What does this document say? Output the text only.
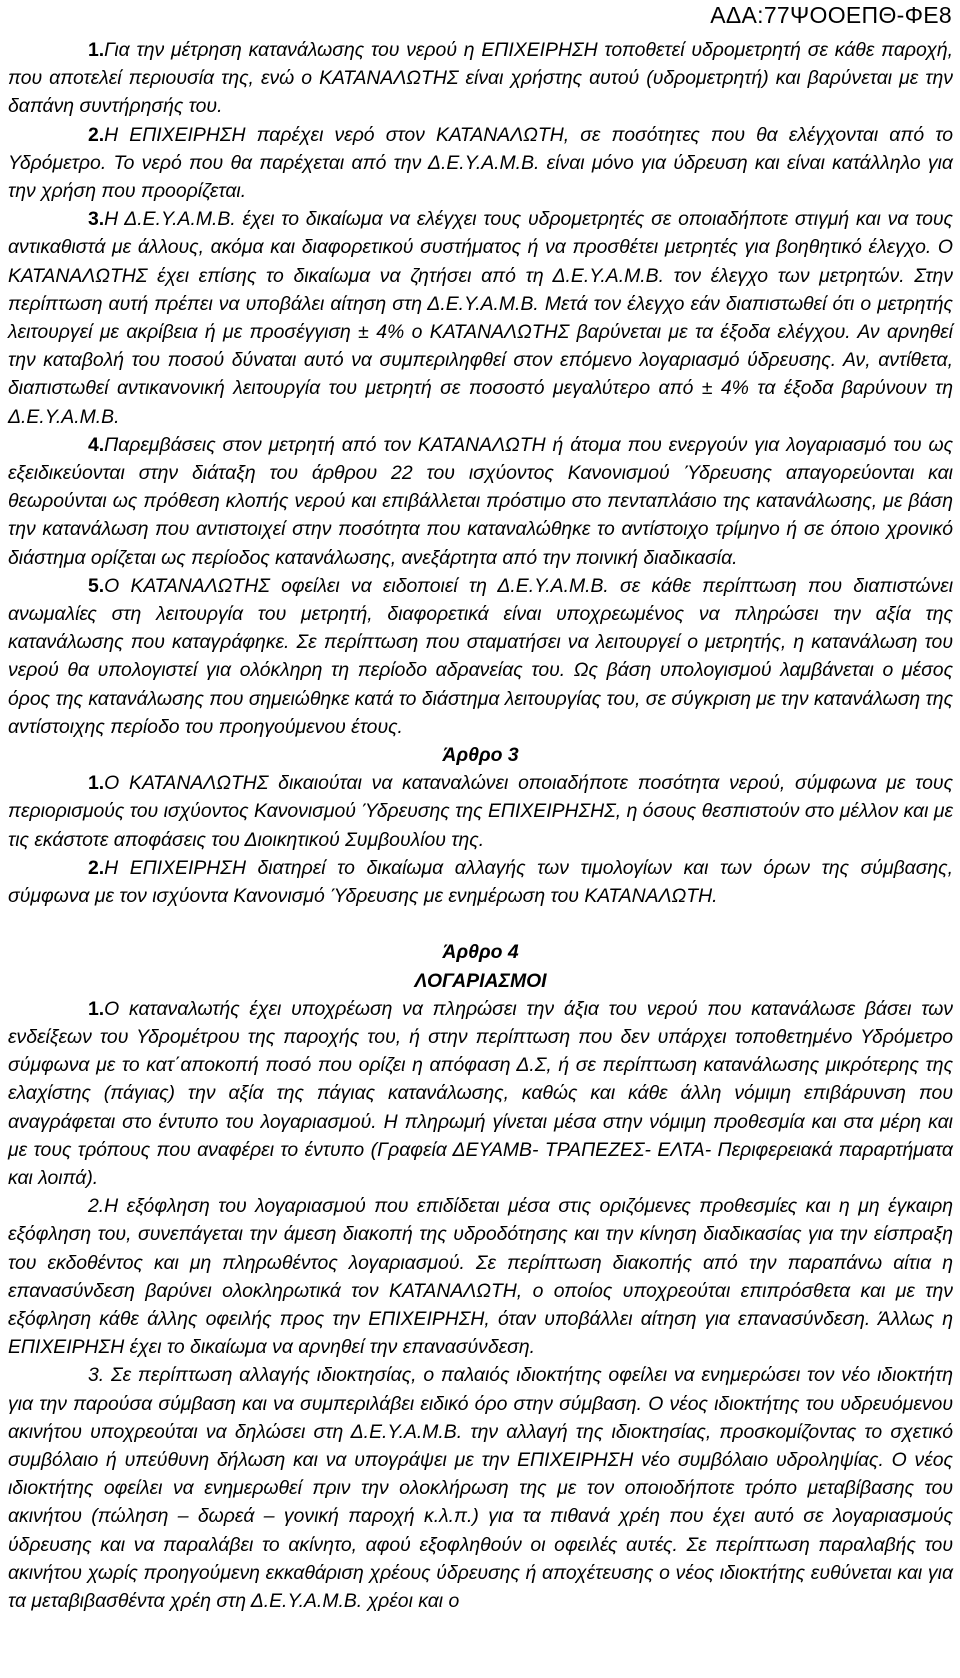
ΑΔΑ:77ΨΟΟΕΠΘ-ΦΕ8

1.Για την μέτρηση κατανάλωσης του νερού η ΕΠΙΧΕΙΡΗΣΗ τοποθετεί υδρομετρητή σε κάθε παροχή, που αποτελεί περιουσία της, ενώ ο ΚΑΤΑΝΑΛΩΤΗΣ είναι χρήστης αυτού (υδρομετρητή) και βαρύνεται με την δαπάνη συντήρησής του.

2.Η ΕΠΙΧΕΙΡΗΣΗ παρέχει νερό στον ΚΑΤΑΝΑΛΩΤΗ, σε ποσότητες που θα ελέγχονται από το Υδρόμετρο. Το νερό που θα παρέχεται από την Δ.Ε.Υ.Α.Μ.Β. είναι μόνο για ύδρευση και είναι κατάλληλο για την χρήση που προορίζεται.

3.Η Δ.Ε.Υ.Α.Μ.Β. έχει το δικαίωμα να ελέγχει τους υδρομετρητές σε οποιαδήποτε στιγμή και να τους αντικαθιστά με άλλους, ακόμα και διαφορετικού συστήματος ή να προσθέτει μετρητές για βοηθητικό έλεγχο. Ο ΚΑΤΑΝΑΛΩΤΗΣ έχει επίσης το δικαίωμα να ζητήσει από τη Δ.Ε.Υ.Α.Μ.Β. τον έλεγχο των μετρητών. Στην περίπτωση αυτή πρέπει να υποβάλει αίτηση στη Δ.Ε.Υ.Α.Μ.Β. Μετά τον έλεγχο εάν διαπιστωθεί ότι ο μετρητής λειτουργεί με ακρίβεια ή με προσέγγιση ± 4% ο ΚΑΤΑΝΑΛΩΤΗΣ βαρύνεται με τα έξοδα ελέγχου. Αν αρνηθεί την καταβολή του ποσού δύναται αυτό να συμπεριληφθεί στον επόμενο λογαριασμό ύδρευσης. Αν, αντίθετα, διαπιστωθεί αντικανονική λειτουργία του μετρητή σε ποσοστό μεγαλύτερο από ± 4% τα έξοδα βαρύνουν τη Δ.Ε.Υ.Α.Μ.Β.

4.Παρεμβάσεις στον μετρητή από τον ΚΑΤΑΝΑΛΩΤΗ ή άτομα που ενεργούν για λογαριασμό του ως εξειδικεύονται στην διάταξη του άρθρου 22 του ισχύοντος Κανονισμού Ύδρευσης απαγορεύονται και θεωρούνται ως πρόθεση κλοπής νερού και επιβάλλεται πρόστιμο στο πενταπλάσιο της κατανάλωσης, με βάση την κατανάλωση που αντιστοιχεί στην ποσότητα που καταναλώθηκε το αντίστοιχο τρίμηνο ή σε όποιο χρονικό διάστημα ορίζεται ως περίοδος κατανάλωσης, ανεξάρτητα από την ποινική διαδικασία.

5.Ο ΚΑΤΑΝΑΛΩΤΗΣ οφείλει να ειδοποιεί τη Δ.Ε.Υ.Α.Μ.Β. σε κάθε περίπτωση που διαπιστώνει ανωμαλίες στη λειτουργία του μετρητή, διαφορετικά είναι υποχρεωμένος να πληρώσει την αξία της κατανάλωσης που καταγράφηκε. Σε περίπτωση που σταματήσει να λειτουργεί ο μετρητής, η κατανάλωση του νερού θα υπολογιστεί για ολόκληρη τη περίοδο αδρανείας του. Ως βάση υπολογισμού λαμβάνεται ο μέσος όρος της κατανάλωσης που σημειώθηκε κατά το διάστημα λειτουργίας του, σε σύγκριση με την κατανάλωση της αντίστοιχης περίοδο του προηγούμενου έτους.

Άρθρο 3

1.Ο ΚΑΤΑΝΑΛΩΤΗΣ δικαιούται να καταναλώνει οποιαδήποτε ποσότητα νερού, σύμφωνα με τους περιορισμούς του ισχύοντος Κανονισμού Ύδρευσης της ΕΠΙΧΕΙΡΗΣΗΣ, η όσους θεσπιστούν στο μέλλον και με τις εκάστοτε αποφάσεις του Διοικητικού Συμβουλίου της.

2.Η ΕΠΙΧΕΙΡΗΣΗ διατηρεί το δικαίωμα αλλαγής των τιμολογίων και των όρων της σύμβασης, σύμφωνα με τον ισχύοντα Κανονισμό Ύδρευσης με ενημέρωση του ΚΑΤΑΝΑΛΩΤΗ.

Άρθρο 4
ΛΟΓΑΡΙΑΣΜΟΙ

1.Ο καταναλωτής έχει υποχρέωση να πληρώσει την άξια του νερού που κατανάλωσε βάσει των ενδείξεων του Υδρομέτρου της παροχής του, ή στην περίπτωση που δεν υπάρχει τοποθετημένο Υδρόμετρο σύμφωνα με το κατ΄αποκοπή ποσό που ορίζει η απόφαση Δ.Σ, ή σε περίπτωση κατανάλωσης μικρότερης της ελαχίστης (πάγιας) την αξία της πάγιας κατανάλωσης, καθώς και κάθε άλλη νόμιμη επιβάρυνση που αναγράφεται στο έντυπο του λογαριασμού. Η πληρωμή γίνεται μέσα στην νόμιμη προθεσμία και στα μέρη και με τους τρόπους που αναφέρει το έντυπο (Γραφεία ΔΕΥΑΜΒ- ΤΡΑΠΕΖΕΣ- ΕΛΤΑ- Περιφερειακά παραρτήματα και λοιπά).

2.Η εξόφληση του λογαριασμού που επιδίδεται μέσα στις οριζόμενες προθεσμίες και η μη έγκαιρη εξόφληση του, συνεπάγεται την άμεση διακοπή της υδροδότησης και την κίνηση διαδικασίας για την είσπραξη του εκδοθέντος και μη πληρωθέντος λογαριασμού. Σε περίπτωση διακοπής από την παραπάνω αίτια η επανασύνδεση βαρύνει ολοκληρωτικά τον ΚΑΤΑΝΑΛΩΤΗ, ο οποίος υποχρεούται επιπρόσθετα και με την εξόφληση κάθε άλλης οφειλής προς την ΕΠΙΧΕΙΡΗΣΗ, όταν υποβάλλει αίτηση για επανασύνδεση. Άλλως η ΕΠΙΧΕΙΡΗΣΗ έχει το δικαίωμα να αρνηθεί την επανασύνδεση.

3. Σε περίπτωση αλλαγής ιδιοκτησίας, ο παλαιός ιδιοκτήτης οφείλει να ενημερώσει τον νέο ιδιοκτήτη για την παρούσα σύμβαση και να συμπεριλάβει ειδικό όρο στην σύμβαση. Ο νέος ιδιοκτήτης του υδρευόμενου ακινήτου υποχρεούται να δηλώσει στη Δ.Ε.Υ.Α.Μ.Β. την αλλαγή της ιδιοκτησίας, προσκομίζοντας το σχετικό συμβόλαιο ή υπεύθυνη δήλωση και να υπογράψει με την ΕΠΙΧΕΙΡΗΣΗ νέο συμβόλαιο υδροληψίας. Ο νέος ιδιοκτήτης οφείλει να ενημερωθεί πριν την ολοκλήρωση της με τον οποιοδήποτε τρόπο μεταβίβασης του ακινήτου (πώληση – δωρεά – γονική παροχή κ.λ.π.) για τα πιθανά χρέη που έχει αυτό σε λογαριασμούς ύδρευσης και να παραλάβει το ακίνητο, αφού εξοφληθούν οι οφειλές αυτές. Σε περίπτωση παραλαβής του ακινήτου χωρίς προηγούμενη εκκαθάριση χρέους ύδρευσης ή αποχέτευσης ο νέος ιδιοκτήτης ευθύνεται και για τα μεταβιβασθέντα χρέη στη Δ.Ε.Υ.Α.Μ.Β. χρέοι και ο
